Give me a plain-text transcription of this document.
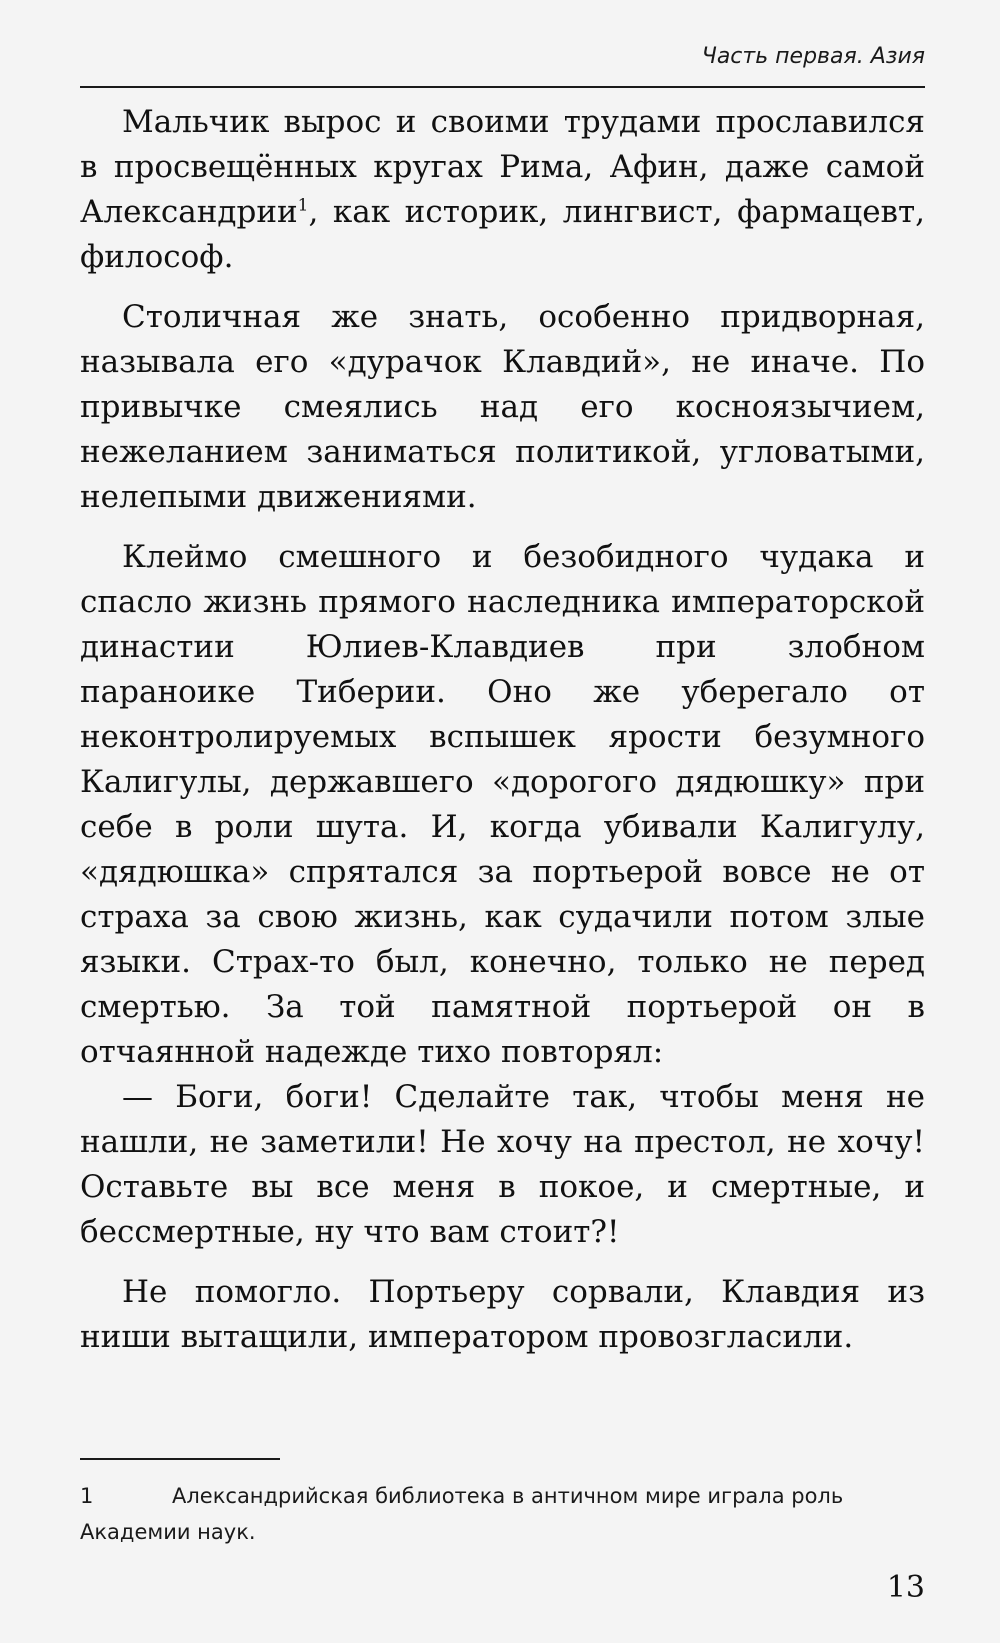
Часть первая. Азия

Мальчик вырос и своими трудами прославился в просвещённых кругах Рима, Афин, даже самой Александрии$^1$, как историк, лингвист, фармацевт, философ.

Столичная же знать, особенно придворная, называла его «дурачок Клавдий», не иначе. По привычке смеялись над его косноязычием, нежеланием заниматься политикой, угловатыми, нелепыми движениями.

Клеймо смешного и безобидного чудака и спасло жизнь прямого наследника императорской династии Юлиев-Клавдиев при злобном параноике Тиберии. Оно же уберегало от неконтролируемых вспышек ярости безумного Калигулы, державшего «дорогого дядюшку» при себе в роли шута. И, когда убивали Калигулу, «дядюшка» спрятался за портьерой вовсе не от страха за свою жизнь, как судачили потом злые языки. Страх-то был, конечно, только не перед смертью. За той памятной портьерой он в отчаянной надежде тихо повторял:

— Боги, боги! Сделайте так, чтобы меня не нашли, не заметили! Не хочу на престол, не хочу! Оставьте вы все меня в покое, и смертные, и бессмертные, ну что вам стоит?!

Не помогло. Портьеру сорвали, Клавдия из ниши вытащили, императором провозгласили.

1	Александрийская библиотека в античном мире играла роль Академии наук.
13
